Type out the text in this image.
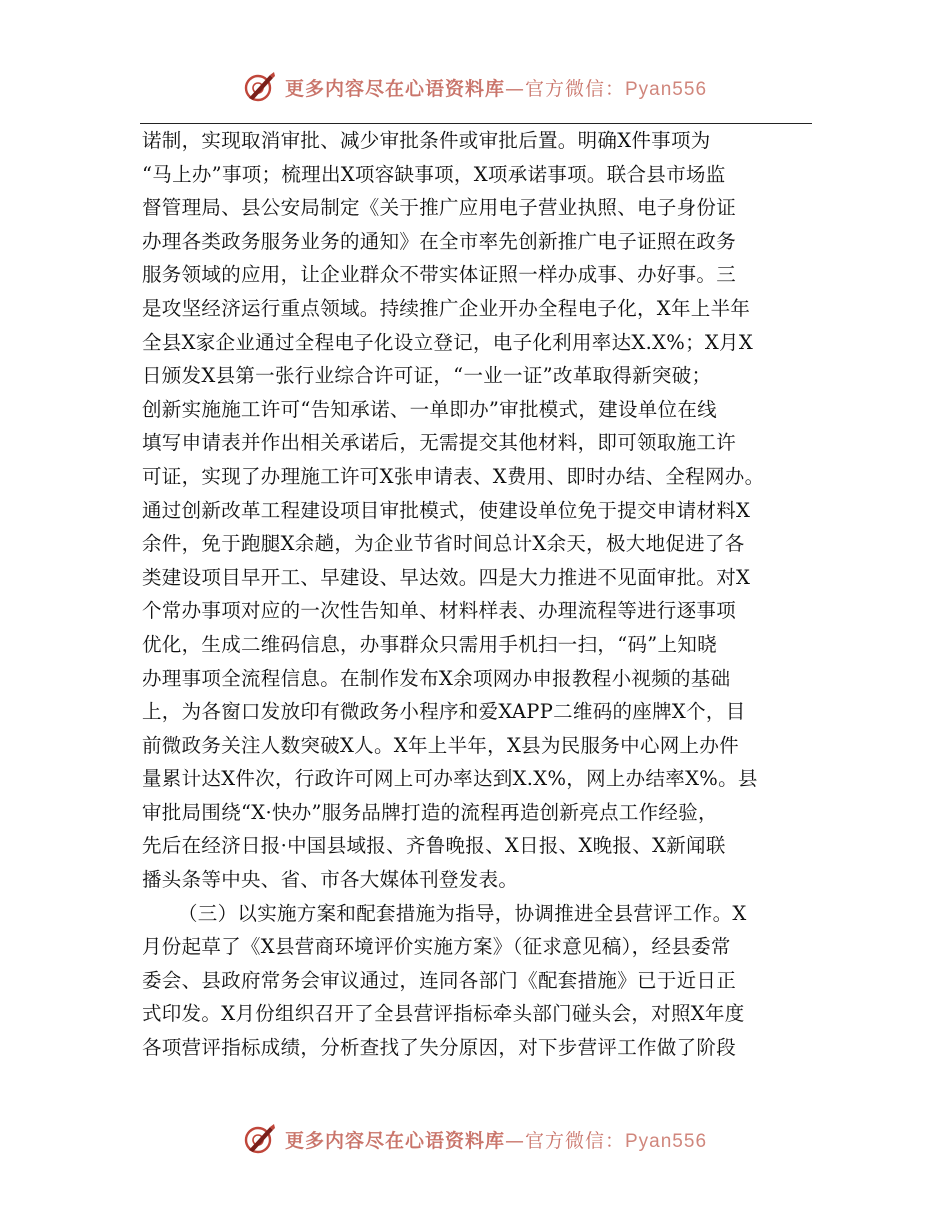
更多内容尽在心语资料库—官方微信：Pyan556
诺制，实现取消审批、减少审批条件或审批后置。明确X件事项为
“马上办”事项；梳理出X项容缺事项，X项承诺事项。联合县市场监
督管理局、县公安局制定《关于推广应用电子营业执照、电子身份证
办理各类政务服务业务的通知》在全市率先创新推广电子证照在政务
服务领域的应用，让企业群众不带实体证照一样办成事、办好事。三
是攻坚经济运行重点领域。持续推广企业开办全程电子化，X年上半年
全县X家企业通过全程电子化设立登记，电子化利用率达X.X%；X月X
日颁发X县第一张行业综合许可证，“一业一证”改革取得新突破；
创新实施施工许可“告知承诺、一单即办”审批模式，建设单位在线
填写申请表并作出相关承诺后，无需提交其他材料，即可领取施工许
可证，实现了办理施工许可X张申请表、X费用、即时办结、全程网办。
通过创新改革工程建设项目审批模式，使建设单位免于提交申请材料X
余件，免于跑腿X余趟，为企业节省时间总计X余天，极大地促进了各
类建设项目早开工、早建设、早达效。四是大力推进不见面审批。对X
个常办事项对应的一次性告知单、材料样表、办理流程等进行逐事项
优化，生成二维码信息，办事群众只需用手机扫一扫，“码”上知晓
办理事项全流程信息。在制作发布X余项网办申报教程小视频的基础
上，为各窗口发放印有微政务小程序和爱XAPP二维码的座牌X个，目
前微政务关注人数突破X人。X年上半年，X县为民服务中心网上办件
量累计达X件次，行政许可网上可办率达到X.X%，网上办结率X%。县
审批局围绕“X·快办”服务品牌打造的流程再造创新亮点工作经验，
先后在经济日报·中国县域报、齐鲁晚报、X日报、X晚报、X新闻联
播头条等中央、省、市各大媒体刊登发表。
（三）以实施方案和配套措施为指导，协调推进全县营评工作。X
月份起草了《X县营商环境评价实施方案》（征求意见稿），经县委常
委会、县政府常务会审议通过，连同各部门《配套措施》已于近日正
式印发。X月份组织召开了全县营评指标牵头部门碰头会，对照X年度
各项营评指标成绩，分析查找了失分原因，对下步营评工作做了阶段
更多内容尽在心语资料库—官方微信：Pyan556
